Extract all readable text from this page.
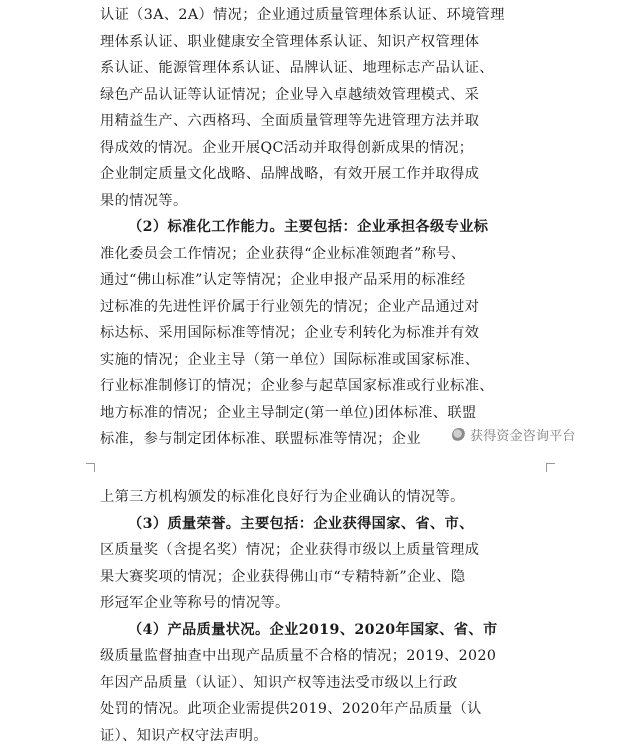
认证（3A、2A）情况；企业通过质量管理体系认证、环境管理
理体系认证、职业健康安全管理体系认证、知识产权管理体
系认证、能源管理体系认证、品牌认证、地理标志产品认证、
绿色产品认证等认证情况；企业导入卓越绩效管理模式、采
用精益生产、六西格玛、全面质量管理等先进管理方法并取
得成效的情况。企业开展QC活动并取得创新成果的情况；
企业制定质量文化战略、品牌战略，有效开展工作并取得成
果的情况等。
（2）标准化工作能力。主要包括：企业承担各级专业标
准化委员会工作情况；企业获得“企业标准领跑者”称号、
通过“佛山标准”认定等情况；企业申报产品采用的标准经
过标准的先进性评价属于行业领先的情况；企业产品通过对
标达标、采用国际标准等情况；企业专利转化为标准并有效
实施的情况；企业主导（第一单位）国际标准或国家标准、
行业标准制修订的情况；企业参与起草国家标准或行业标准、
地方标准的情况；企业主导制定(第一单位)团体标准、联盟
标准，参与制定团体标准、联盟标准等情况；企业	获得资金咨询平台
上第三方机构颁发的标准化良好行为企业确认的情况等。
（3）质量荣誉。主要包括：企业获得国家、省、市、
区质量奖（含提名奖）情况；企业获得市级以上质量管理成
果大赛奖项的情况；企业获得佛山市“专精特新”企业、隐
形冠军企业等称号的情况等。
（4）产品质量状况。企业2019、2020年国家、省、市
级质量监督抽查中出现产品质量不合格的情况；2019、2020
年因产品质量（认证）、知识产权等违法受市级以上行政
处罚的情况。此项企业需提供2019、2020年产品质量（认
证）、知识产权守法声明。
